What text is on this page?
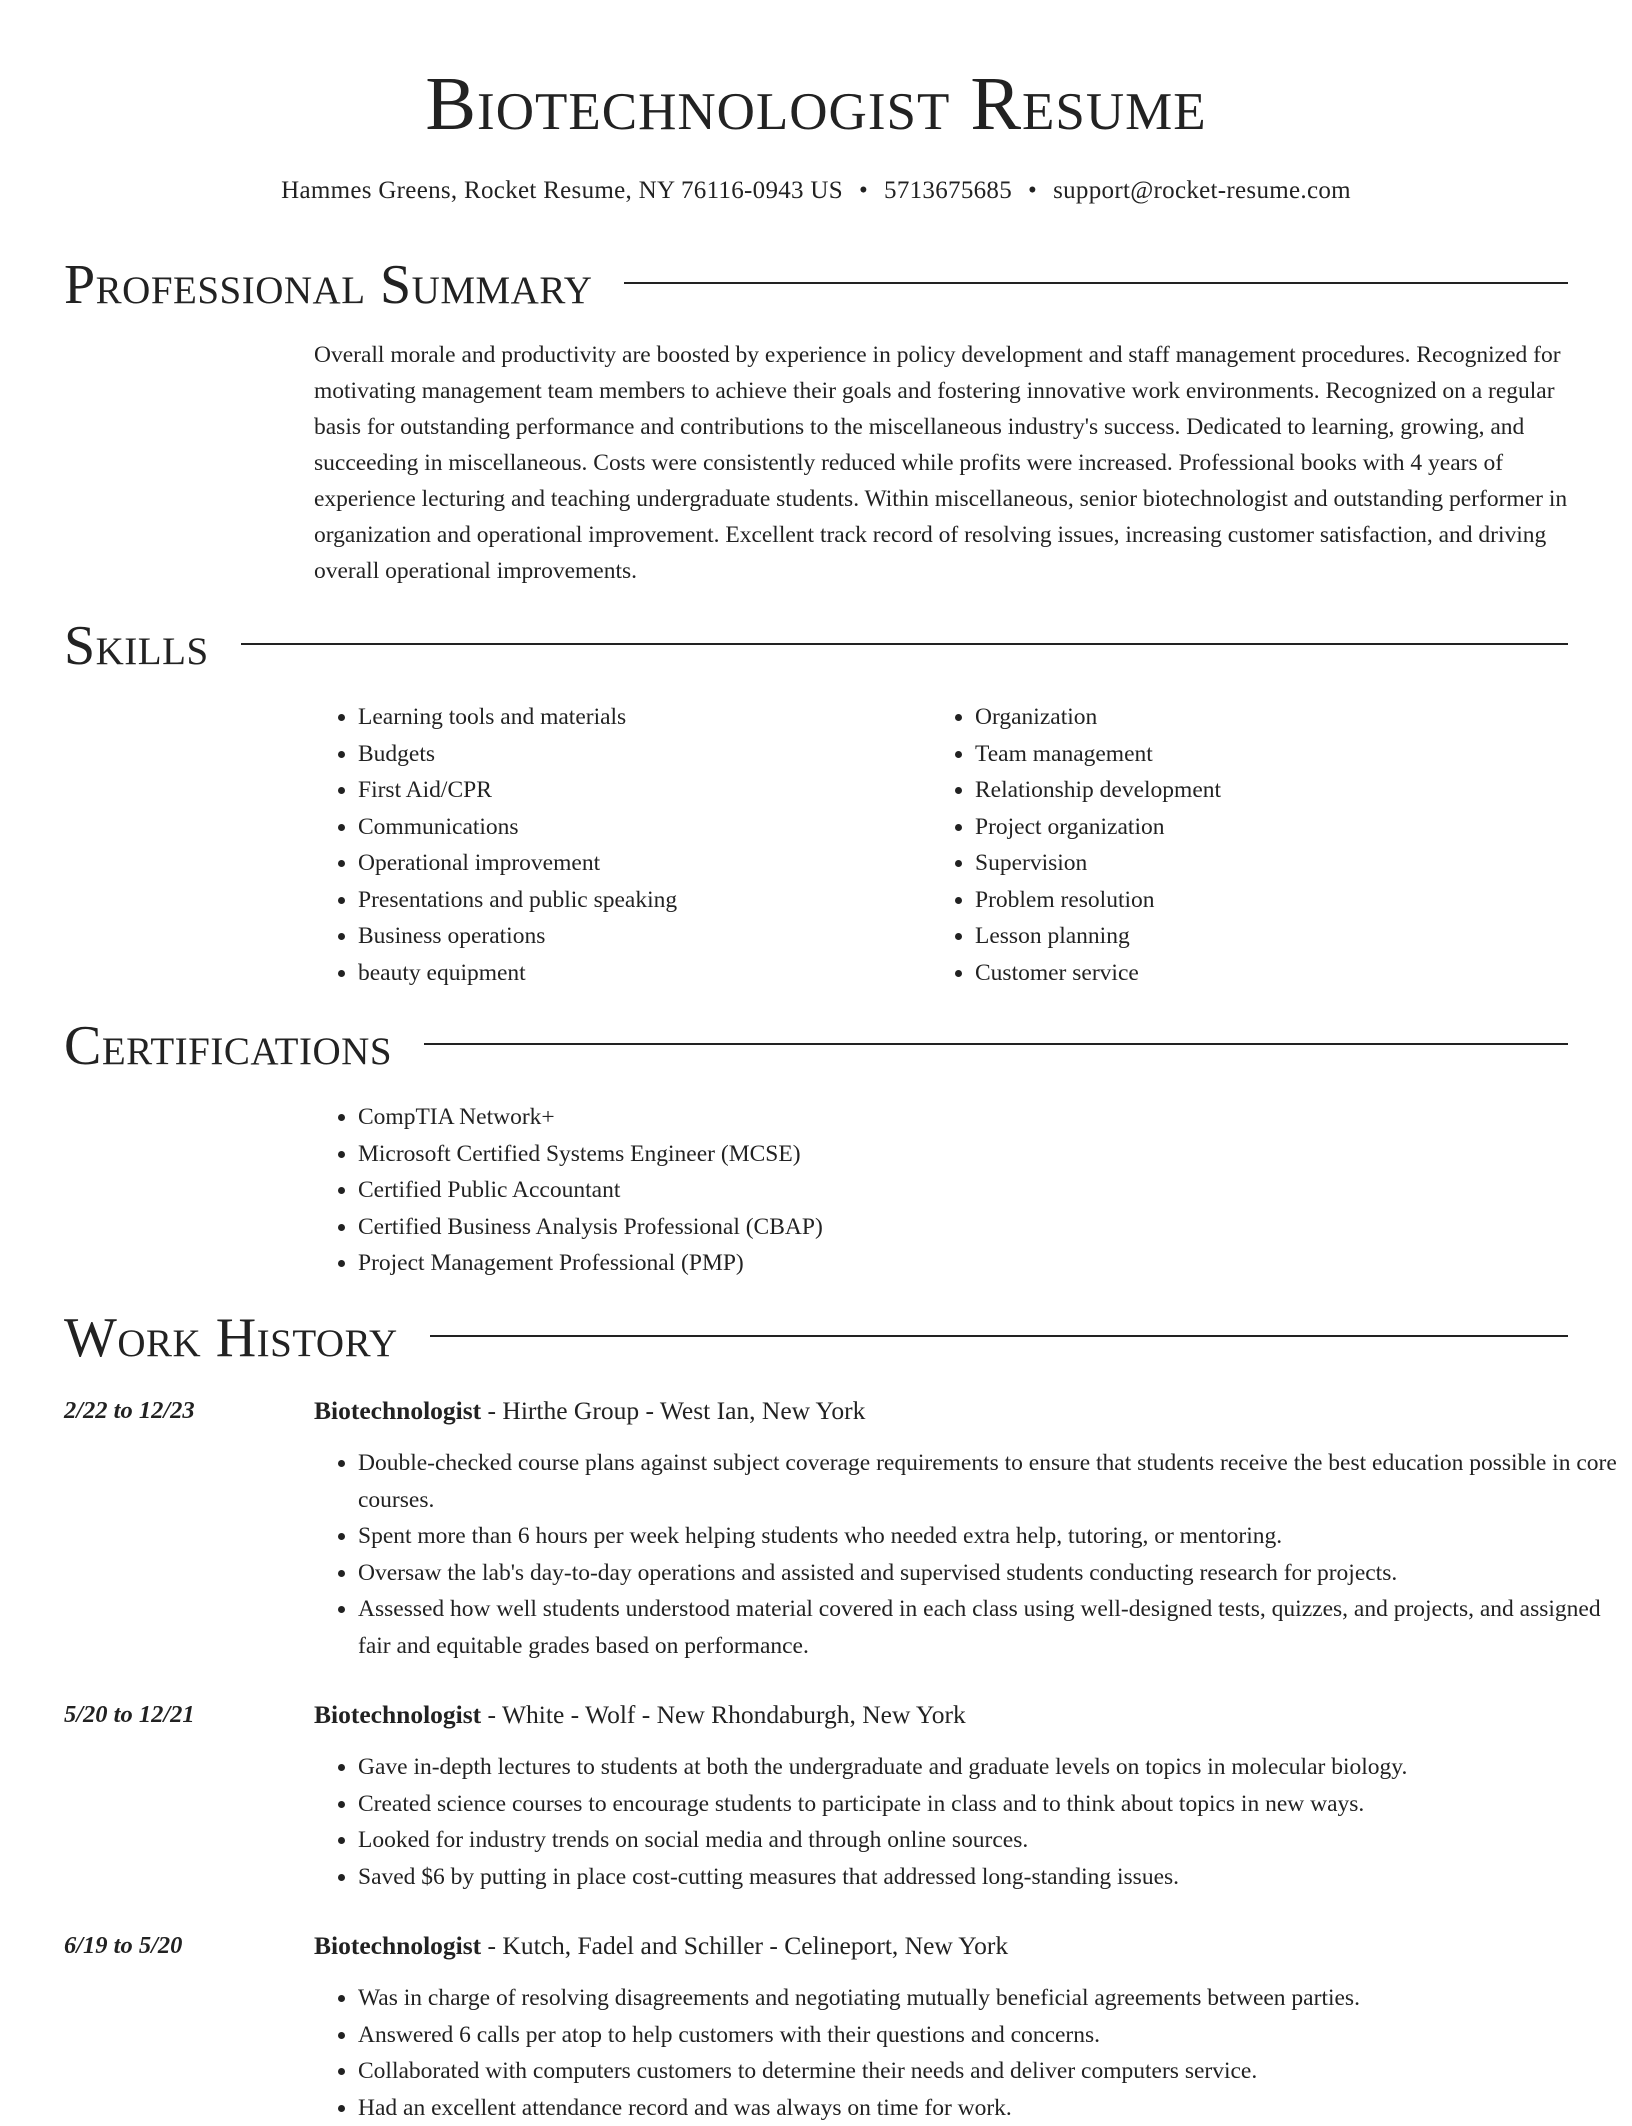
Biotechnologist Resume
Hammes Greens, Rocket Resume, NY 76116-0943 US • 5713675685 • support@rocket-resume.com
Professional Summary

Overall morale and productivity are boosted by experience in policy development and staff management procedures. Recognized for motivating management team members to achieve their goals and fostering innovative work environments. Recognized on a regular basis for outstanding performance and contributions to the miscellaneous industry's success. Dedicated to learning, growing, and succeeding in miscellaneous. Costs were consistently reduced while profits were increased. Professional books with 4 years of experience lecturing and teaching undergraduate students. Within miscellaneous, senior biotechnologist and outstanding performer in organization and operational improvement. Excellent track record of resolving issues, increasing customer satisfaction, and driving overall operational improvements.

Skills
• Learning tools and materials
• Budgets
• First Aid/CPR
• Communications
• Operational improvement
• Presentations and public speaking
• Business operations
• beauty equipment
• Organization
• Team management
• Relationship development
• Project organization
• Supervision
• Problem resolution
• Lesson planning
• Customer service
Certifications
• CompTIA Network+
• Microsoft Certified Systems Engineer (MCSE)
• Certified Public Accountant
• Certified Business Analysis Professional (CBAP)
• Project Management Professional (PMP)
Work History
2/22 to 12/23	Biotechnologist - Hirthe Group - West Ian, New York
• Double-checked course plans against subject coverage requirements to ensure that students receive the best education possible in core courses.
• Spent more than 6 hours per week helping students who needed extra help, tutoring, or mentoring.
• Oversaw the lab's day-to-day operations and assisted and supervised students conducting research for projects.
• Assessed how well students understood material covered in each class using well-designed tests, quizzes, and projects, and assigned fair and equitable grades based on performance.
5/20 to 12/21	Biotechnologist - White - Wolf - New Rhondaburgh, New York
• Gave in-depth lectures to students at both the undergraduate and graduate levels on topics in molecular biology.
• Created science courses to encourage students to participate in class and to think about topics in new ways.
• Looked for industry trends on social media and through online sources.
• Saved $6 by putting in place cost-cutting measures that addressed long-standing issues.
6/19 to 5/20	Biotechnologist - Kutch, Fadel and Schiller - Celineport, New York
• Was in charge of resolving disagreements and negotiating mutually beneficial agreements between parties.
• Answered 6 calls per atop to help customers with their questions and concerns.
• Collaborated with computers customers to determine their needs and deliver computers service.
• Had an excellent attendance record and was always on time for work.
